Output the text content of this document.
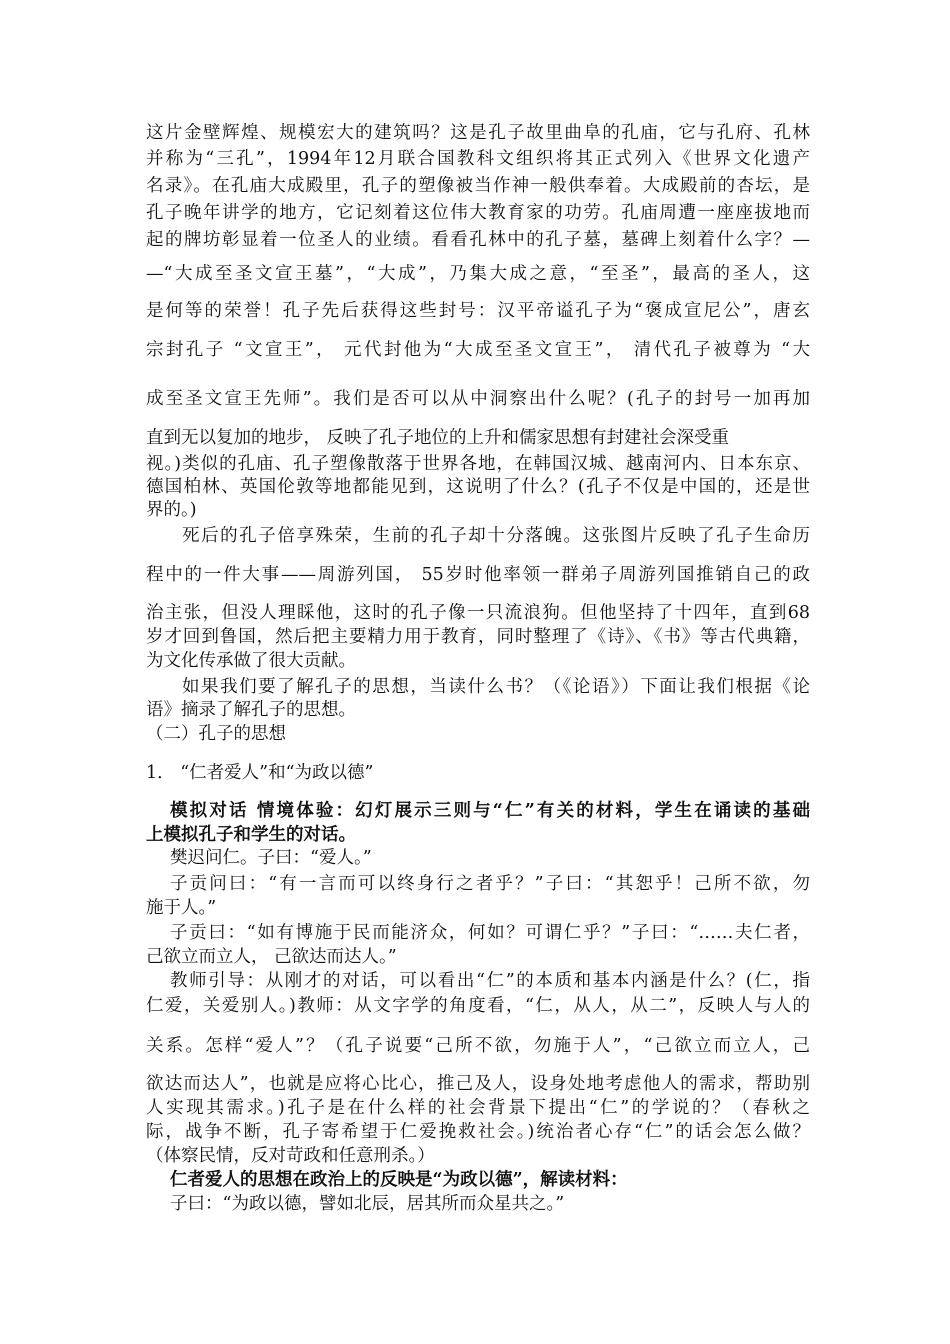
这片金壁辉煌、规模宏大的建筑吗？这是孔子故里曲阜的孔庙，它与孔府、孔林
并称为“三孔”，1994年12月联合国教科文组织将其正式列入《世界文化遗产
名录》。在孔庙大成殿里，孔子的塑像被当作神一般供奉着。大成殿前的杏坛，是
孔子晚年讲学的地方，它记刻着这位伟大教育家的功劳。孔庙周遭一座座拔地而
起的牌坊彰显着一位圣人的业绩。看看孔林中的孔子墓，墓碑上刻着什么字？—
—“大成至圣文宣王墓”，“大成”，乃集大成之意，“至圣”，最高的圣人，这
是何等的荣誉！孔子先后获得这些封号：汉平帝谥孔子为“褒成宣尼公”，唐玄
宗封孔子 “文宣王”， 元代封他为“大成至圣文宣王”， 清代孔子被尊为 “大
成至圣文宣王先师”。我们是否可以从中洞察出什么呢？(孔子的封号一加再加
直到无以复加的地步， 反映了孔子地位的上升和儒家思想有封建社会深受重
视。)类似的孔庙、孔子塑像散落于世界各地，在韩国汉城、越南河内、日本东京、
德国柏林、英国伦敦等地都能见到，这说明了什么？(孔子不仅是中国的，还是世
界的。)
死后的孔子倍享殊荣，生前的孔子却十分落魄。这张图片反映了孔子生命历
程中的一件大事——周游列国， 55岁时他率领一群弟子周游列国推销自己的政
治主张，但没人理睬他，这时的孔子像一只流浪狗。但他坚持了十四年，直到68
岁才回到鲁国，然后把主要精力用于教育，同时整理了《诗》、《书》等古代典籍，
为文化传承做了很大贡献。
如果我们要了解孔子的思想，当读什么书？（《论语》）下面让我们根据《论
语》摘录了解孔子的思想。
（二）孔子的思想
1． “仁者爱人”和“为政以德”
模拟对话 情境体验：幻灯展示三则与“仁”有关的材料，学生在诵读的基础
上模拟孔子和学生的对话。
樊迟问仁。子曰：“爱人。”
子贡问曰：“有一言而可以终身行之者乎？”子曰：“其恕乎！己所不欲，勿
施于人。”
子贡曰：“如有博施于民而能济众，何如？可谓仁乎？”子曰：“……夫仁者，
己欲立而立人， 己欲达而达人。”
教师引导：从刚才的对话，可以看出“仁”的本质和基本内涵是什么？(仁，指
仁爱，关爱别人。)教师：从文字学的角度看，“仁，从人，从二”，反映人与人的
关系。怎样“爱人”？（孔子说要“己所不欲，勿施于人”，“己欲立而立人，己
欲达而达人”，也就是应将心比心，推己及人，设身处地考虑他人的需求，帮助别
人实现其需求。)孔子是在什么样的社会背景下提出“仁”的学说的？（春秋之
际，战争不断，孔子寄希望于仁爱挽救社会。)统治者心存“仁”的话会怎么做？
（体察民情，反对苛政和任意刑杀。）
仁者爱人的思想在政治上的反映是“为政以德”，解读材料：
子曰：“为政以德，譬如北辰，居其所而众星共之。”
